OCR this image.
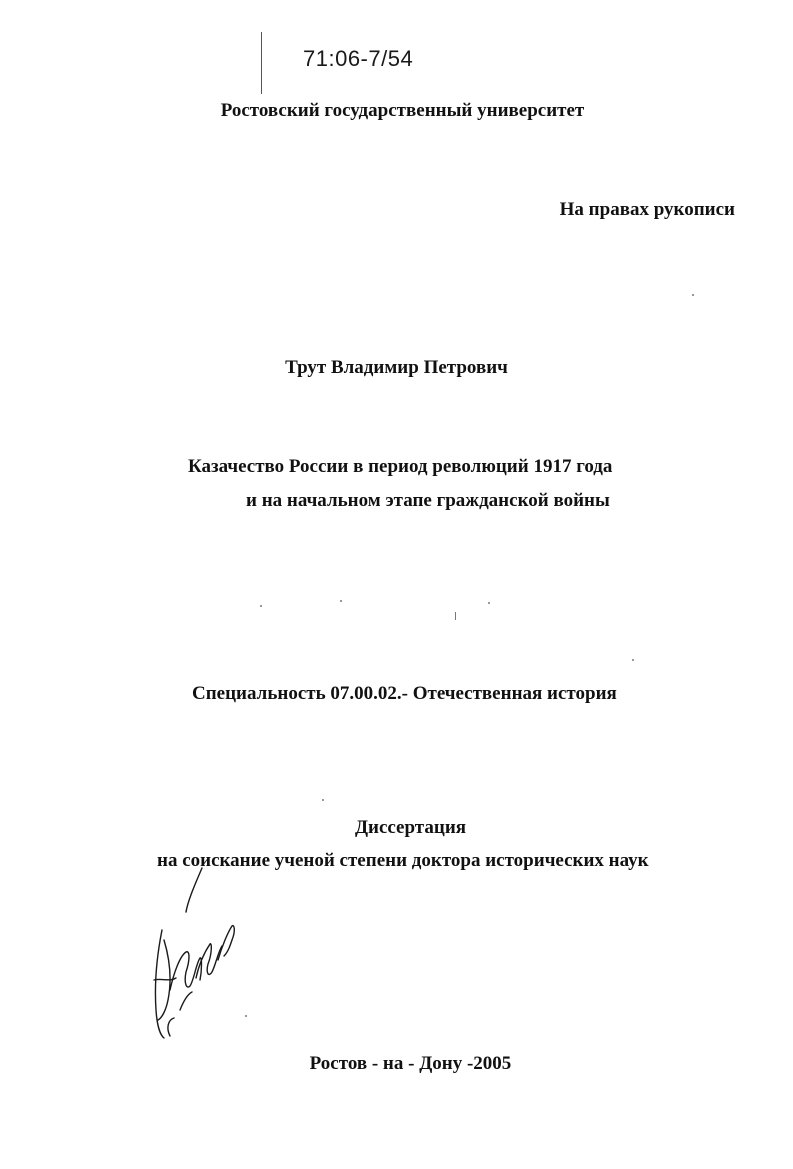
71:06-7/54
Ростовский государственный университет
На правах рукописи
Трут Владимир Петрович
Казачество России в период революций 1917 года
и на начальном этапе гражданской войны
Специальность 07.00.02.- Отечественная история
Диссертация
на соискание ученой степени доктора исторических наук
Ростов - на - Дону -2005
